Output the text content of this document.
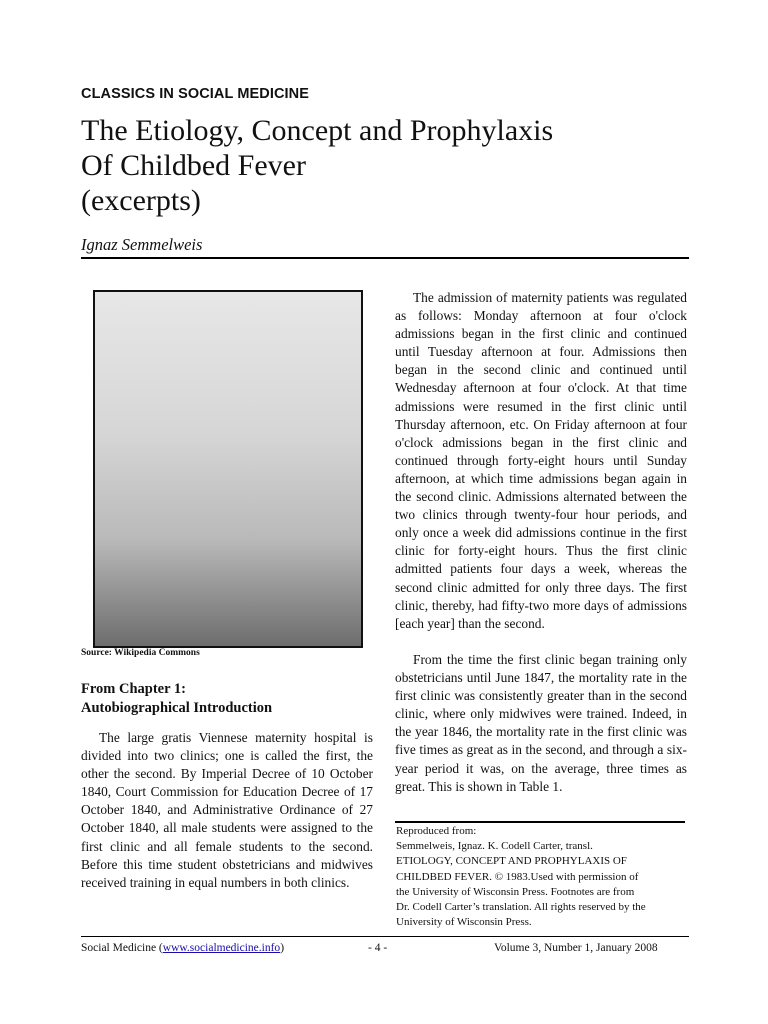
CLASSICS IN SOCIAL MEDICINE
The Etiology, Concept and Prophylaxis
Of Childbed Fever
(excerpts)
Ignaz Semmelweis
Source: Wikipedia Commons
From Chapter 1:
Autobiographical Introduction

The large gratis Viennese maternity hospital is divided into two clinics; one is called the first, the other the second. By Imperial Decree of 10 October 1840, Court Commission for Education Decree of 17 October 1840, and Administrative Ordinance of 27 October 1840, all male students were assigned to the first clinic and all female students to the second. Before this time student obstetricians and midwives received training in equal numbers in both clinics.

The admission of maternity patients was regulated as follows: Monday afternoon at four o'clock admissions began in the first clinic and continued until Tuesday afternoon at four. Admissions then began in the second clinic and continued until Wednesday afternoon at four o'clock. At that time admissions were resumed in the first clinic until Thursday afternoon, etc. On Friday afternoon at four o'clock admissions began in the first clinic and continued through forty-eight hours until Sunday afternoon, at which time admissions began again in the second clinic. Admissions alternated between the two clinics through twenty-four hour periods, and only once a week did admissions continue in the first clinic for forty-eight hours. Thus the first clinic admitted patients four days a week, whereas the second clinic admitted for only three days. The first clinic, thereby, had fifty-two more days of admissions [each year] than the second.

From the time the first clinic began training only obstetricians until June 1847, the mortality rate in the first clinic was consistently greater than in the second clinic, where only midwives were trained. Indeed, in the year 1846, the mortality rate in the first clinic was five times as great as in the second, and through a six-year period it was, on the average, three times as great. This is shown in Table 1.

Reproduced from:
Semmelweis, Ignaz. K. Codell Carter, transl.
ETIOLOGY, CONCEPT AND PROPHYLAXIS OF
CHILDBED FEVER. © 1983.Used with permission of
the University of Wisconsin Press. Footnotes are from
Dr. Codell Carter’s translation. All rights reserved by the
University of Wisconsin Press.
Social Medicine (www.socialmedicine.info)	- 4 -	Volume 3, Number 1, January 2008
